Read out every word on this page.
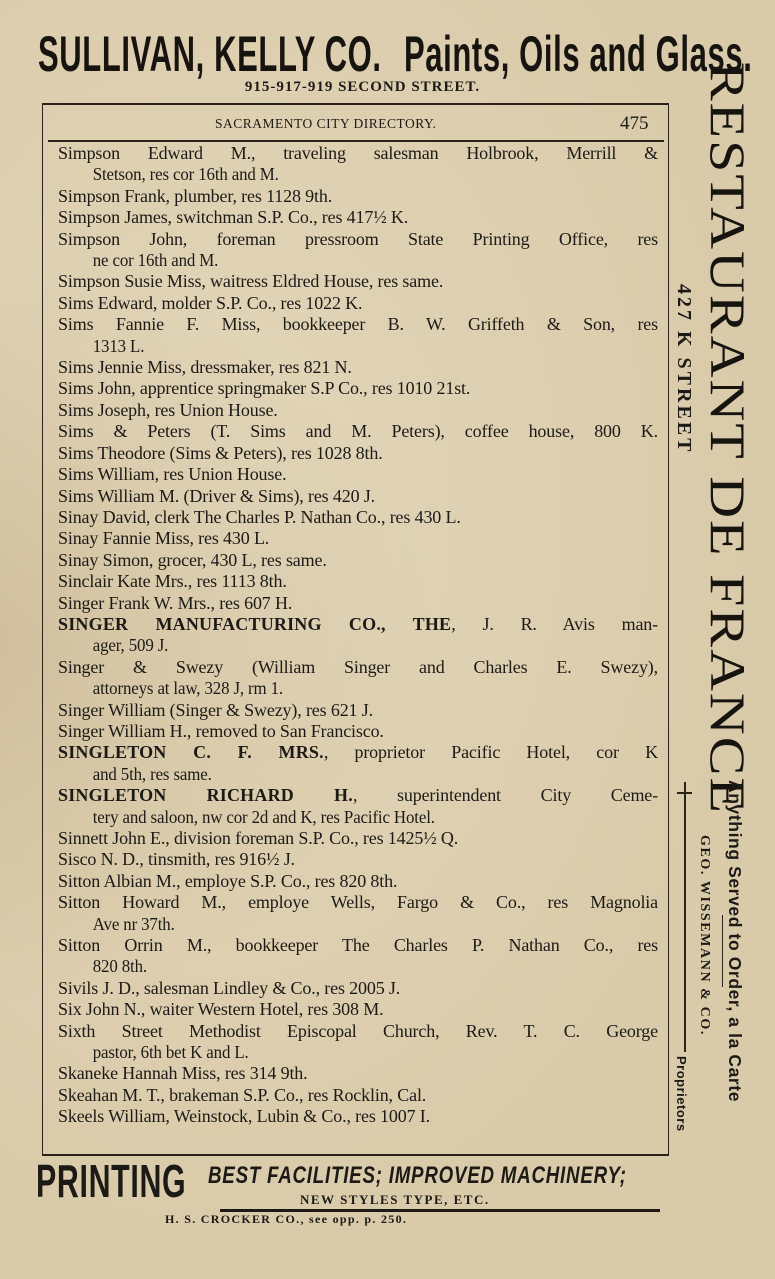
SULLIVAN, KELLY CO. Paints, Oils and Glass.
915-917-919 SECOND STREET.
SACRAMENTO CITY DIRECTORY.	475
Simpson Edward M., traveling salesman Holbrook, Merrill &
Stetson, res cor 16th and M.
Simpson Frank, plumber, res 1128 9th.
Simpson James, switchman S.P. Co., res 417½ K.
Simpson John, foreman pressroom State Printing Office, res
ne cor 16th and M.
Simpson Susie Miss, waitress Eldred House, res same.
Sims Edward, molder S.P. Co., res 1022 K.
Sims Fannie F. Miss, bookkeeper B. W. Griffeth & Son, res
1313 L.
Sims Jennie Miss, dressmaker, res 821 N.
Sims John, apprentice springmaker S.P Co., res 1010 21st.
Sims Joseph, res Union House.
Sims & Peters (T. Sims and M. Peters), coffee house, 800 K.
Sims Theodore (Sims & Peters), res 1028 8th.
Sims William, res Union House.
Sims William M. (Driver & Sims), res 420 J.
Sinay David, clerk The Charles P. Nathan Co., res 430 L.
Sinay Fannie Miss, res 430 L.
Sinay Simon, grocer, 430 L, res same.
Sinclair Kate Mrs., res 1113 8th.
Singer Frank W. Mrs., res 607 H.
SINGER MANUFACTURING CO., THE, J. R. Avis man-
ager, 509 J.
Singer & Swezy (William Singer and Charles E. Swezy),
attorneys at law, 328 J, rm 1.
Singer William (Singer & Swezy), res 621 J.
Singer William H., removed to San Francisco.
SINGLETON C. F. MRS., proprietor Pacific Hotel, cor K
and 5th, res same.
SINGLETON RICHARD H., superintendent City Ceme-
tery and saloon, nw cor 2d and K, res Pacific Hotel.
Sinnett John E., division foreman S.P. Co., res 1425½ Q.
Sisco N. D., tinsmith, res 916½ J.
Sitton Albian M., employe S.P. Co., res 820 8th.
Sitton Howard M., employe Wells, Fargo & Co., res Magnolia
Ave nr 37th.
Sitton Orrin M., bookkeeper The Charles P. Nathan Co., res
820 8th.
Sivils J. D., salesman Lindley & Co., res 2005 J.
Six John N., waiter Western Hotel, res 308 M.
Sixth Street Methodist Episcopal Church, Rev. T. C. George
pastor, 6th bet K and L.
Skaneke Hannah Miss, res 314 9th.
Skeahan M. T., brakeman S.P. Co., res Rocklin, Cal.
Skeels William, Weinstock, Lubin & Co., res 1007 I.
RESTAURANT DE FRANCE
427 K STREET
Anything Served to Order, a la Carte
GEO. WISSEMANN & CO.
Proprietors
PRINTING BEST FACILITIES; IMPROVED MACHINERY;
NEW STYLES TYPE, ETC.
H. S. CROCKER CO., see opp. p. 250.
